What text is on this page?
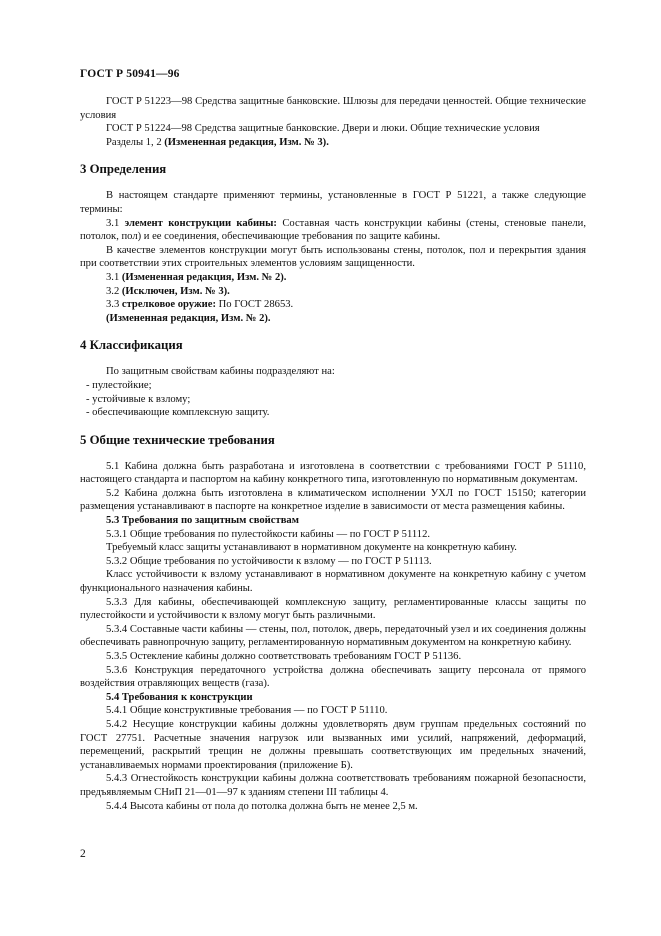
ГОСТ Р 50941—96

ГОСТ Р 51223—98 Средства защитные банковские. Шлюзы для передачи ценностей. Общие технические условия

ГОСТ Р 51224—98 Средства защитные банковские. Двери и люки. Общие технические условия

Разделы 1, 2 (Измененная редакция, Изм. № 3).

3 Определения

В настоящем стандарте применяют термины, установленные в ГОСТ Р 51221, а также следующие термины:

3.1 элемент конструкции кабины: Составная часть конструкции кабины (стены, стеновые панели, потолок, пол) и ее соединения, обеспечивающие требования по защите кабины.

В качестве элементов конструкции могут быть использованы стены, потолок, пол и перекрытия здания при соответствии этих строительных элементов условиям защищенности.

3.1 (Измененная редакция, Изм. № 2).

3.2 (Исключен, Изм. № 3).

3.3 стрелковое оружие: По ГОСТ 28653.

(Измененная редакция, Изм. № 2).

4 Классификация

По защитным свойствам кабины подразделяют на:

- пулестойкие;

- устойчивые к взлому;

- обеспечивающие комплексную защиту.

5 Общие технические требования

5.1 Кабина должна быть разработана и изготовлена в соответствии с требованиями ГОСТ Р 51110, настоящего стандарта и паспортом на кабину конкретного типа, изготовленную по нормативным документам.

5.2 Кабина должна быть изготовлена в климатическом исполнении УХЛ по ГОСТ 15150; категории размещения устанавливают в паспорте на конкретное изделие в зависимости от места размещения кабины.

5.3 Требования по защитным свойствам

5.3.1 Общие требования по пулестойкости кабины — по ГОСТ Р 51112.

Требуемый класс защиты устанавливают в нормативном документе на конкретную кабину.

5.3.2 Общие требования по устойчивости к взлому — по ГОСТ Р 51113.

Класс устойчивости к взлому устанавливают в нормативном документе на конкретную кабину с учетом функционального назначения кабины.

5.3.3 Для кабины, обеспечивающей комплексную защиту, регламентированные классы защиты по пулестойкости и устойчивости к взлому могут быть различными.

5.3.4 Составные части кабины — стены, пол, потолок, дверь, передаточный узел и их соединения должны обеспечивать равнопрочную защиту, регламентированную нормативным документом на конкретную кабину.

5.3.5 Остекление кабины должно соответствовать требованиям ГОСТ Р 51136.

5.3.6 Конструкция передаточного устройства должна обеспечивать защиту персонала от прямого воздействия отравляющих веществ (газа).

5.4 Требования к конструкции

5.4.1 Общие конструктивные требования — по ГОСТ Р 51110.

5.4.2 Несущие конструкции кабины должны удовлетворять двум группам предельных состояний по ГОСТ 27751. Расчетные значения нагрузок или вызванных ими усилий, напряжений, деформаций, перемещений, раскрытий трещин не должны превышать соответствующих им предельных значений, устанавливаемых нормами проектирования (приложение Б).

5.4.3 Огнестойкость конструкции кабины должна соответствовать требованиям пожарной безопасности, предъявляемым СНиП 21—01—97 к зданиям степени III таблицы 4.

5.4.4 Высота кабины от пола до потолка должна быть не менее 2,5 м.

2
